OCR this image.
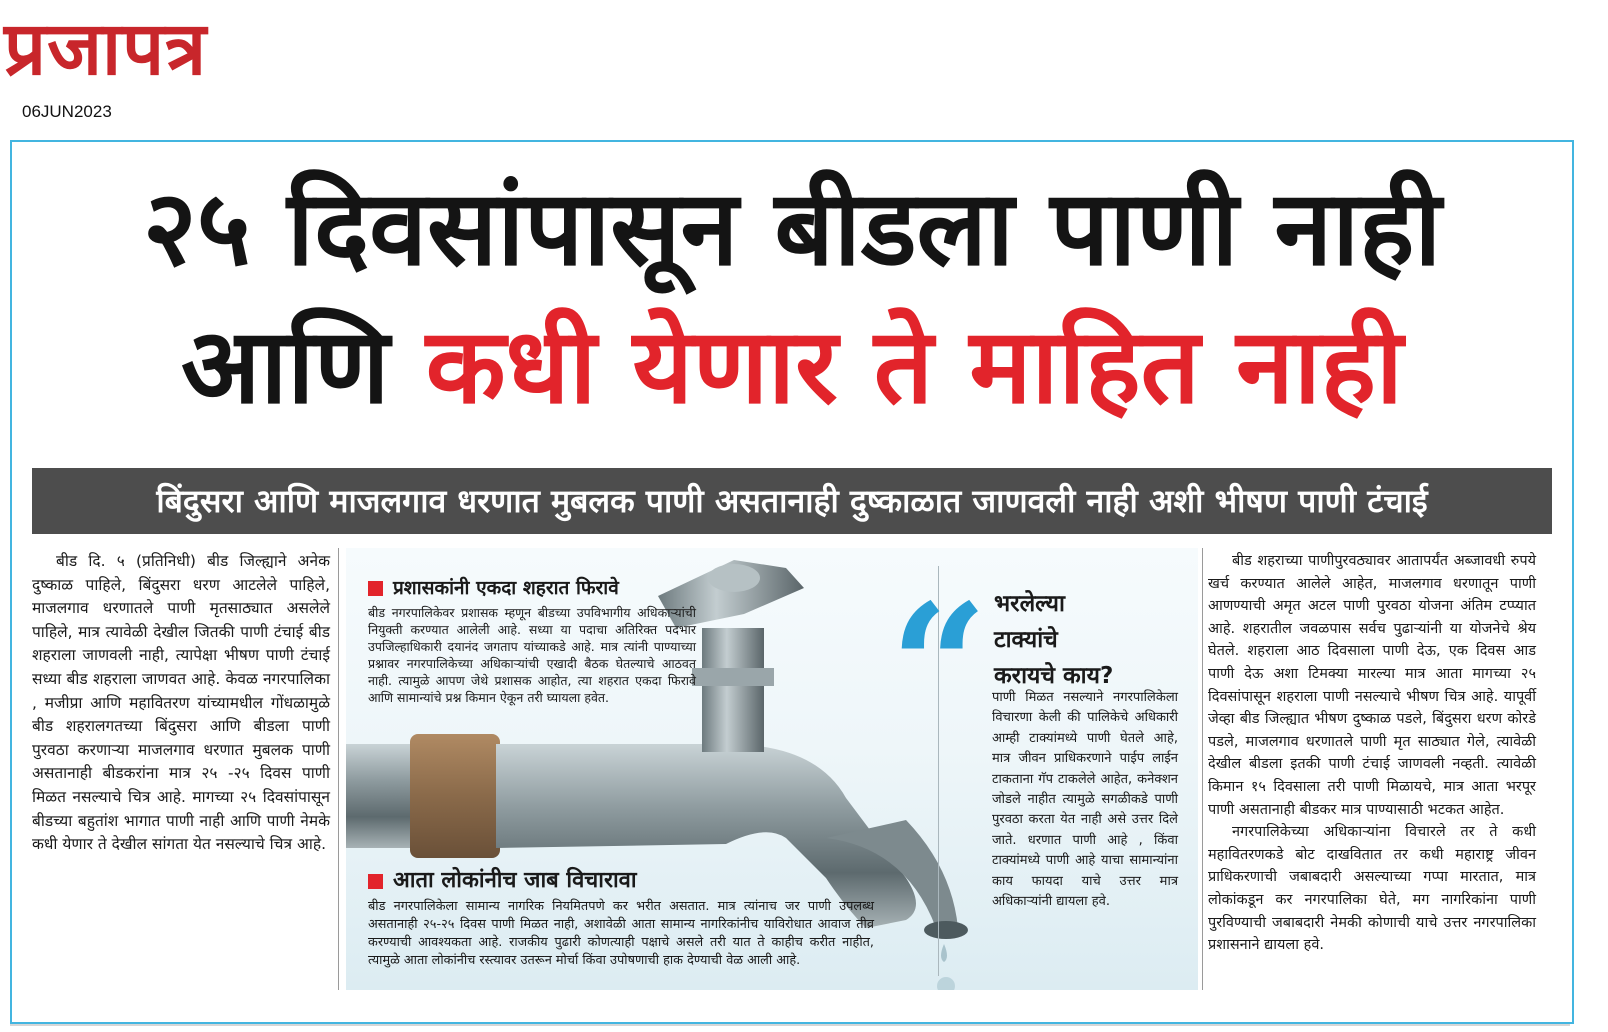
प्रजापत्र
06JUN2023
२५ दिवसांपासून बीडला पाणी नाही
आणि कधी येणार ते माहित नाही
बिंदुसरा आणि माजलगाव धरणात मुबलक पाणी असतानाही दुष्काळात जाणवली नाही अशी भीषण पाणी टंचाई

बीड दि. ५ (प्रतिनिधी) बीड जिल्ह्याने अनेक दुष्काळ पाहिले, बिंदुसरा धरण आटलेले पाहिले, माजलगाव धरणातले पाणी मृतसाठ्यात असलेले पाहिले, मात्र त्यावेळी देखील जितकी पाणी टंचाई बीड शहराला जाणवली नाही, त्यापेक्षा भीषण पाणी टंचाई सध्या बीड शहराला जाणवत आहे. केवळ नगरपालिका , मजीप्रा आणि महावितरण यांच्यामधील गोंधळामुळे बीड शहरालगतच्या बिंदुसरा आणि बीडला पाणी पुरवठा करणाऱ्या माजलगाव धरणात मुबलक पाणी असतानाही बीडकरांना मात्र २५ -२५ दिवस पाणी मिळत नसल्याचे चित्र आहे. मागच्या २५ दिवसांपासून बीडच्या बहुतांश भागात पाणी नाही आणि पाणी नेमके कधी येणार ते देखील सांगता येत नसल्याचे चित्र आहे.

प्रशासकांनी एकदा शहरात फिरावे
बीड नगरपालिकेवर प्रशासक म्हणून बीडच्या उपविभागीय अधिकाऱ्यांची नियुक्ती करण्यात आलेली आहे. सध्या या पदाचा अतिरिक्त पदभार उपजिल्हाधिकारी दयानंद जगताप यांच्याकडे आहे. मात्र त्यांनी पाण्याच्या प्रश्नावर नगरपालिकेच्या अधिकाऱ्यांची एखादी बैठक घेतल्याचे आठवत नाही. त्यामुळे आपण जेथे प्रशासक आहोत, त्या शहरात एकदा फिरावे आणि सामान्यांचे प्रश्न किमान ऐकून तरी घ्यायला हवेत.
आता लोकांनीच जाब विचारावा
बीड नगरपालिकेला सामान्य नागरिक नियमितपणे कर भरीत असतात. मात्र त्यांनाच जर पाणी उपलब्ध असतानाही २५-२५ दिवस पाणी मिळत नाही, अशावेळी आता सामान्य नागरिकांनीच याविरोधात आवाज तीव्र करण्याची आवश्यकता आहे. राजकीय पुढारी कोणत्याही पक्षाचे असले तरी यात ते काहीच करीत नाहीत, त्यामुळे आता लोकांनीच रस्त्यावर उतरून मोर्चा किंवा उपोषणाची हाक देण्याची वेळ आली आहे.
“ भरलेल्या
टाक्यांचे
करायचे काय?
पाणी मिळत नसल्याने नगरपालिकेला विचारणा केली की पालिकेचे अधिकारी आम्ही टाक्यांमध्ये पाणी घेतले आहे, मात्र जीवन प्राधिकरणाने पाईप लाईन टाकताना गॅप टाकलेले आहेत, कनेक्शन जोडले नाहीत त्यामुळे सगळीकडे पाणी पुरवठा करता येत नाही असे उत्तर दिले जाते. धरणात पाणी आहे , किंवा टाक्यांमध्ये पाणी आहे याचा सामान्यांना काय फायदा याचे उत्तर मात्र अधिकाऱ्यांनी द्यायला हवे.

बीड शहराच्या पाणीपुरवठ्यावर आतापर्यंत अब्जावधी रुपये खर्च करण्यात आलेले आहेत, माजलगाव धरणातून पाणी आणण्याची अमृत अटल पाणी पुरवठा योजना अंतिम टप्प्यात आहे. शहरातील जवळपास सर्वच पुढाऱ्यांनी या योजनेचे श्रेय घेतले. शहराला आठ दिवसाला पाणी देऊ, एक दिवस आड पाणी देऊ अशा टिमक्या मारल्या मात्र आता मागच्या २५ दिवसांपासून शहराला पाणी नसल्याचे भीषण चित्र आहे. यापूर्वी जेव्हा बीड जिल्ह्यात भीषण दुष्काळ पडले, बिंदुसरा धरण कोरडे पडले, माजलगाव धरणातले पाणी मृत साठ्यात गेले, त्यावेळी देखील बीडला इतकी पाणी टंचाई जाणवली नव्हती. त्यावेळी किमान १५ दिवसाला तरी पाणी मिळायचे, मात्र आता भरपूर पाणी असतानाही बीडकर मात्र पाण्यासाठी भटकत आहेत.

नगरपालिकेच्या अधिकाऱ्यांना विचारले तर ते कधी महावितरणकडे बोट दाखवितात तर कधी महाराष्ट्र जीवन प्राधिकरणाची जबाबदारी असल्याच्या गप्पा मारतात, मात्र लोकांकडून कर नगरपालिका घेते, मग नागरिकांना पाणी पुरविण्याची जबाबदारी नेमकी कोणाची याचे उत्तर नगरपालिका प्रशासनाने द्यायला हवे.
